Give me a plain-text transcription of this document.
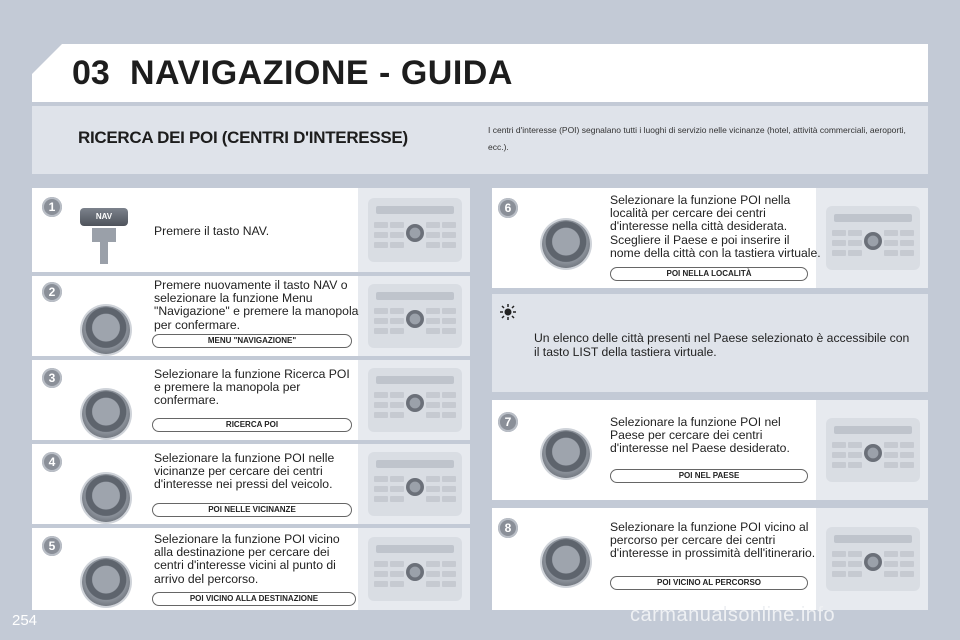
03 NAVIGAZIONE - GUIDA
RICERCA DEI POI (CENTRI D'INTERESSE)	I centri d'interesse (POI) segnalano tutti i luoghi di servizio nelle vicinanze (hotel, attività commerciali, aeroporti, ecc.).
1
NAV
Premere il tasto NAV.
2	Premere nuovamente il tasto NAV o selezionare la funzione Menu "Navigazione" e premere la manopola per confermare.
MENU "NAVIGAZIONE"
3	Selezionare la funzione Ricerca POI e premere la manopola per confermare.
RICERCA POI
4	Selezionare la funzione POI nelle vicinanze per cercare dei centri d'interesse nei pressi del veicolo.
POI NELLE VICINANZE
5	Selezionare la funzione POI vicino alla destinazione per cercare dei centri d'interesse vicini al punto di arrivo del percorso.
POI VICINO ALLA DESTINAZIONE
6
Selezionare la funzione POI nella località per cercare dei centri d'interesse nella città desiderata. Scegliere il Paese e poi inserire il nome della città con la tastiera virtuale.
POI NELLA LOCALITÀ
Un elenco delle città presenti nel Paese selezionato è accessibile con il tasto LIST della tastiera virtuale.
7	Selezionare la funzione POI nel Paese per cercare dei centri d'interesse nel Paese desiderato.
POI NEL PAESE
8	Selezionare la funzione POI vicino al percorso per cercare dei centri d'interesse in prossimità dell'itinerario.
POI VICINO AL PERCORSO
254	carmanualsonline.info
